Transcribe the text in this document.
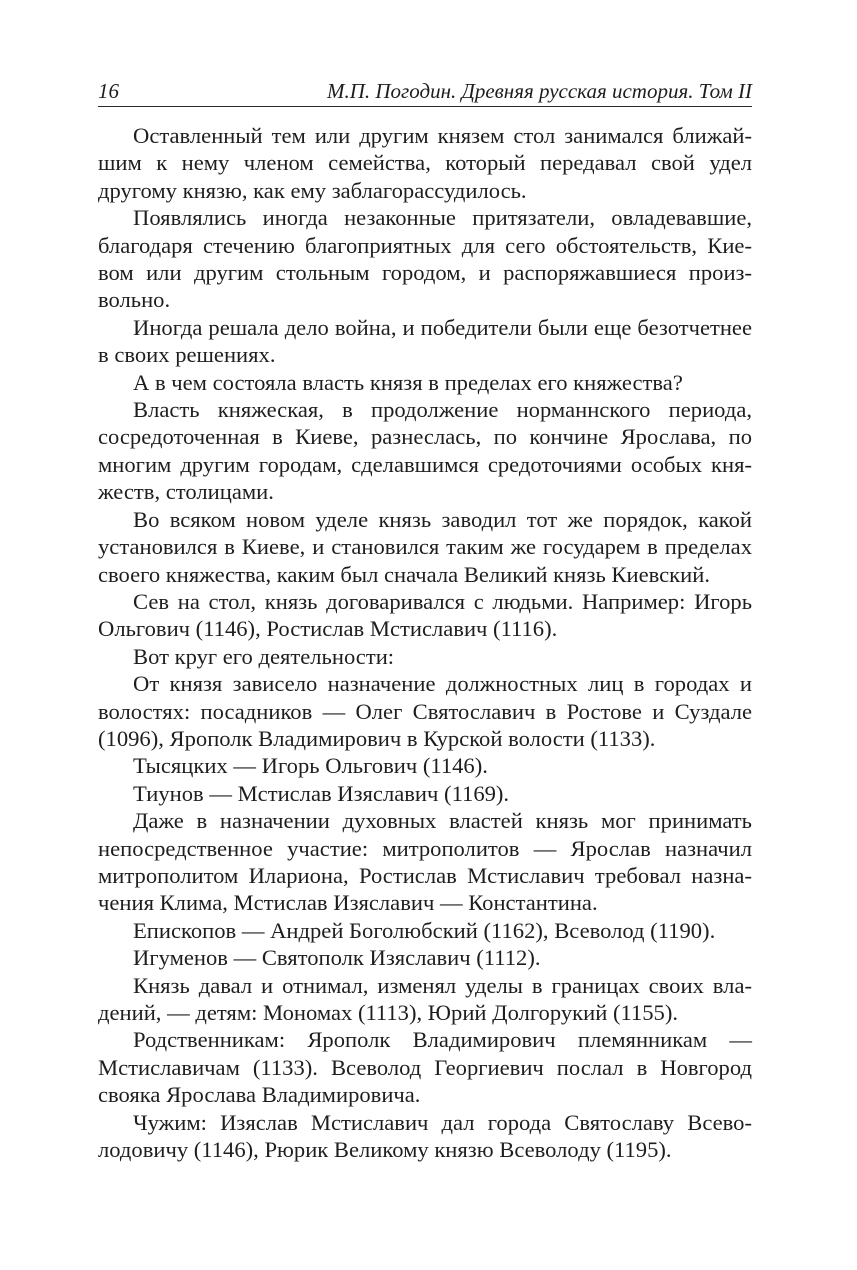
16	М.П. Погодин. Древняя русская история. Том II

Оставленный тем или другим князем стол занимался ближайшим к нему членом семейства, который передавал свой удел другому князю, как ему заблагорассудилось.

Появлялись иногда незаконные притязатели, овладевавшие, благодаря стечению благоприятных для сего обстоятельств, Киевом или другим стольным городом, и распоряжавшиеся произвольно.

Иногда решала дело война, и победители были еще безотчетнее в своих решениях.

А в чем состояла власть князя в пределах его княжества?

Власть княжеская, в продолжение норманнского периода, сосредоточенная в Киеве, разнеслась, по кончине Ярослава, по многим другим городам, сделавшимся средоточиями особых княжеств, столицами.

Во всяком новом уделе князь заводил тот же порядок, какой установился в Киеве, и становился таким же государем в пределах своего княжества, каким был сначала Великий князь Киевский.

Сев на стол, князь договаривался с людьми. Например: Игорь Ольгович (1146), Ростислав Мстиславич (1116).

Вот круг его деятельности:

От князя зависело назначение должностных лиц в городах и волостях: посадников — Олег Святославич в Ростове и Суздале (1096), Ярополк Владимирович в Курской волости (1133).

Тысяцких — Игорь Ольгович (1146).

Тиунов — Мстислав Изяславич (1169).

Даже в назначении духовных властей князь мог принимать непосредственное участие: митрополитов — Ярослав назначил митрополитом Илариона, Ростислав Мстиславич требовал назначения Клима, Мстислав Изяславич — Константина.

Епископов — Андрей Боголюбский (1162), Всеволод (1190).

Игуменов — Святополк Изяславич (1112).

Князь давал и отнимал, изменял уделы в границах своих владений, — детям: Мономах (1113), Юрий Долгорукий (1155).

Родственникам: Ярополк Владимирович племянникам — Мстиславичам (1133). Всеволод Георгиевич послал в Новгород свояка Ярослава Владимировича.

Чужим: Изяслав Мстиславич дал города Святославу Всеволодовичу (1146), Рюрик Великому князю Всеволоду (1195).
